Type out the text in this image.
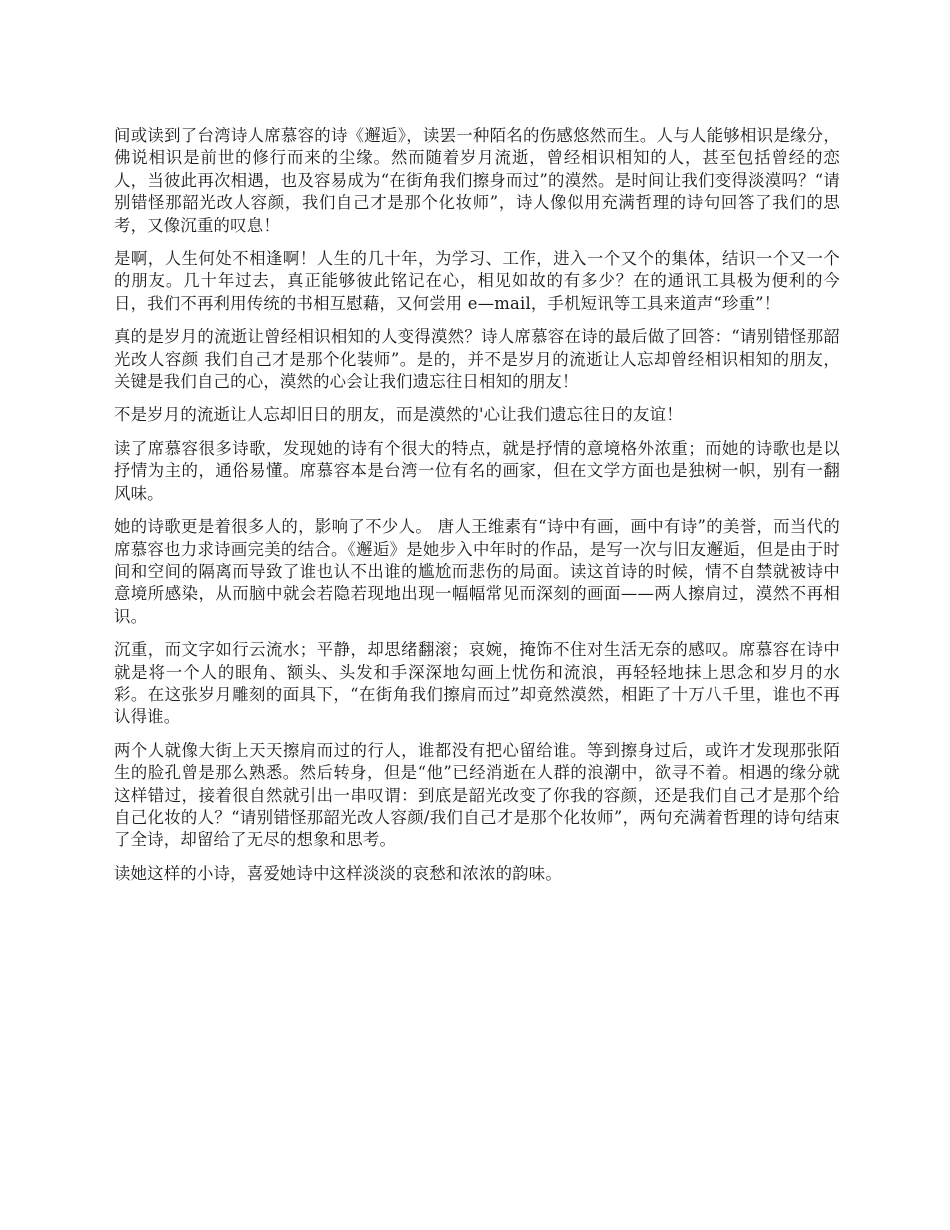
间或读到了台湾诗人席慕容的诗《邂逅》，读罢一种陌名的伤感悠然而生。人与人能够相识是缘分，佛说相识是前世的修行而来的尘缘。然而随着岁月流逝，曾经相识相知的人，甚至包括曾经的恋人，当彼此再次相遇，也及容易成为“在街角我们擦身而过”的漠然。是时间让我们变得淡漠吗？“请别错怪那韶光改人容颜，我们自己才是那个化妆师”，诗人像似用充满哲理的诗句回答了我们的思考，又像沉重的叹息！

是啊，人生何处不相逢啊！人生的几十年，为学习、工作，进入一个又个的集体，结识一个又一个的朋友。几十年过去，真正能够彼此铭记在心，相见如故的有多少？在的通讯工具极为便利的今日，我们不再利用传统的书相互慰藉，又何尝用 e—mail，手机短讯等工具来道声“珍重”！

真的是岁月的流逝让曾经相识相知的人变得漠然？诗人席慕容在诗的最后做了回答：“请别错怪那韶光改人容颜 我们自己才是那个化装师”。是的，并不是岁月的流逝让人忘却曾经相识相知的朋友，关键是我们自己的心，漠然的心会让我们遗忘往日相知的朋友！

不是岁月的流逝让人忘却旧日的朋友，而是漠然的'心让我们遗忘往日的友谊！

读了席慕容很多诗歌，发现她的诗有个很大的特点，就是抒情的意境格外浓重；而她的诗歌也是以抒情为主的，通俗易懂。席慕容本是台湾一位有名的画家，但在文学方面也是独树一帜，别有一翻风味。

她的诗歌更是着很多人的，影响了不少人。 唐人王维素有“诗中有画，画中有诗”的美誉，而当代的席慕容也力求诗画完美的结合。《邂逅》是她步入中年时的作品，是写一次与旧友邂逅，但是由于时间和空间的隔离而导致了谁也认不出谁的尴尬而悲伤的局面。读这首诗的时候，情不自禁就被诗中意境所感染，从而脑中就会若隐若现地出现一幅幅常见而深刻的画面——两人擦肩过，漠然不再相识。

沉重，而文字如行云流水；平静，却思绪翻滚；哀婉，掩饰不住对生活无奈的感叹。席慕容在诗中就是将一个人的眼角、额头、头发和手深深地勾画上忧伤和流浪，再轻轻地抹上思念和岁月的水彩。在这张岁月雕刻的面具下，“在街角我们擦肩而过”却竟然漠然，相距了十万八千里，谁也不再认得谁。

两个人就像大街上天天擦肩而过的行人，谁都没有把心留给谁。等到擦身过后，或许才发现那张陌生的脸孔曾是那么熟悉。然后转身，但是“他”已经消逝在人群的浪潮中，欲寻不着。相遇的缘分就这样错过，接着很自然就引出一串叹谓：到底是韶光改变了你我的容颜，还是我们自己才是那个给自己化妆的人？“请别错怪那韶光改人容颜/我们自己才是那个化妆师”，两句充满着哲理的诗句结束了全诗，却留给了无尽的想象和思考。

读她这样的小诗，喜爱她诗中这样淡淡的哀愁和浓浓的韵味。
